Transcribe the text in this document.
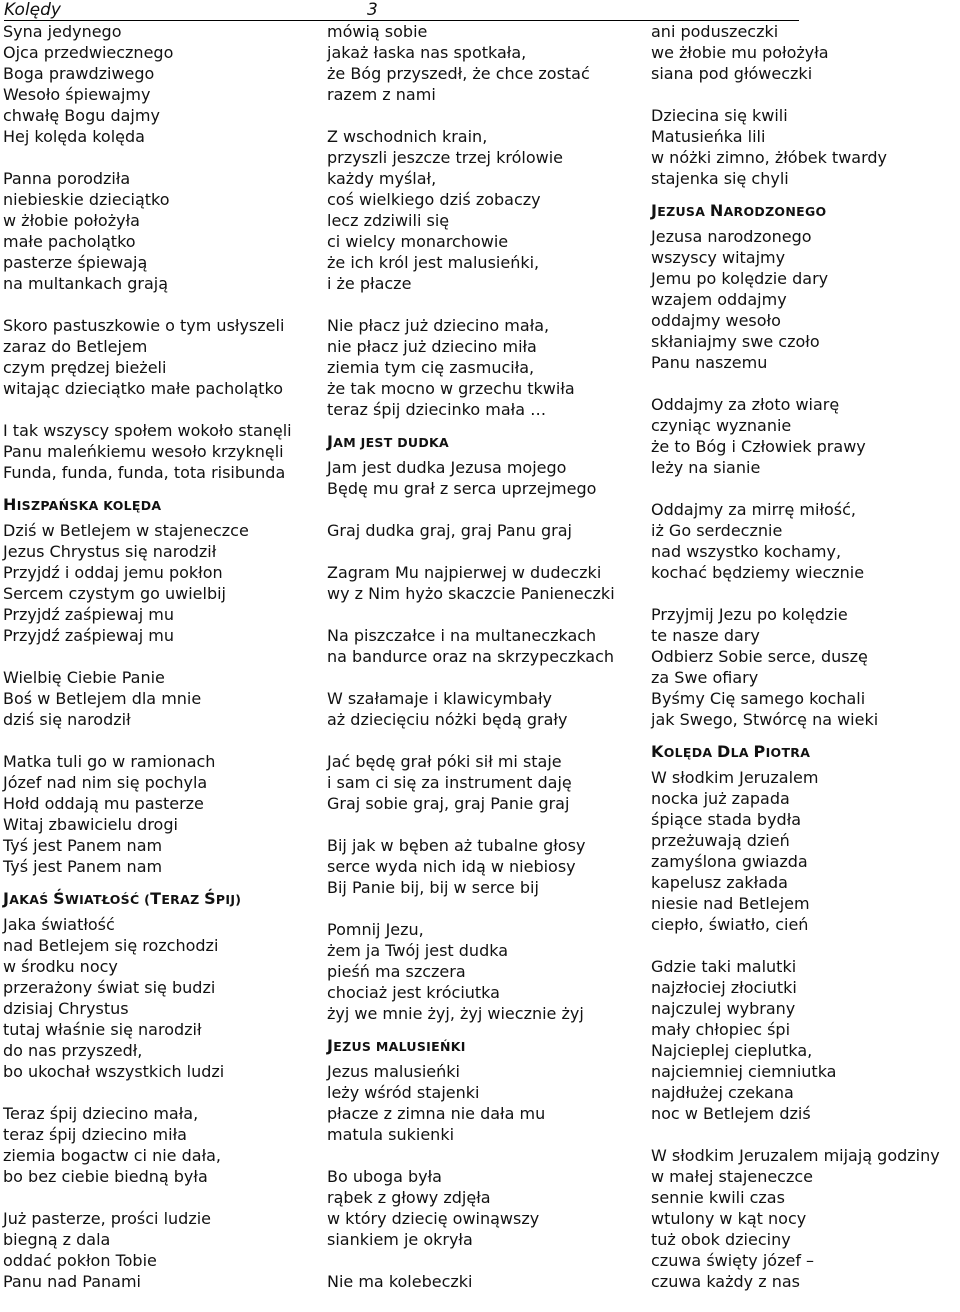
Kolędy	3
Syna jedynego
Ojca przedwiecznego
Boga prawdziwego
Wesoło śpiewajmy
chwałę Bogu dajmy
Hej kolęda kolęda
Panna porodziła
niebieskie dzieciątko
w żłobie położyła
małe pacholątko
pasterze śpiewają
na multankach grają
Skoro pastuszkowie o tym usłyszeli
zaraz do Betlejem
czym prędzej bieżeli
witając dzieciątko małe pacholątko
I tak wszyscy społem wokoło stanęli
Panu maleńkiemu wesoło krzyknęli
Funda, funda, funda, tota risibunda
HISZPAŃSKA KOLĘDA
Dziś w Betlejem w stajeneczce
Jezus Chrystus się narodził
Przyjdź i oddaj jemu pokłon
Sercem czystym go uwielbij
Przyjdź zaśpiewaj mu
Przyjdź zaśpiewaj mu
Wielbię Ciebie Panie
Boś w Betlejem dla mnie
dziś się narodził
Matka tuli go w ramionach
Józef nad nim się pochyla
Hołd oddają mu pasterze
Witaj zbawicielu drogi
Tyś jest Panem nam
Tyś jest Panem nam
JAKAŚ ŚWIATŁOŚĆ (TERAZ ŚPIJ)
Jaka światłość
nad Betlejem się rozchodzi
w środku nocy
przerażony świat się budzi
dzisiaj Chrystus
tutaj właśnie się narodził
do nas przyszedł,
bo ukochał wszystkich ludzi
Teraz śpij dziecino mała,
teraz śpij dziecino miła
ziemia bogactw ci nie dała,
bo bez ciebie biedną była
Już pasterze, prości ludzie
biegną z dala
oddać pokłon Tobie
Panu nad Panami
mówią sobie
jakaż łaska nas spotkała,
że Bóg przyszedł, że chce zostać
razem z nami
Z wschodnich krain,
przyszli jeszcze trzej królowie
każdy myślał,
coś wielkiego dziś zobaczy
lecz zdziwili się
ci wielcy monarchowie
że ich król jest malusieńki,
i że płacze
Nie płacz już dziecino mała,
nie płacz już dziecino miła
ziemia tym cię zasmuciła,
że tak mocno w grzechu tkwiła
teraz śpij dziecinko mała …
JAM JEST DUDKA
Jam jest dudka Jezusa mojego
Będę mu grał z serca uprzejmego
Graj dudka graj, graj Panu graj
Zagram Mu najpierwej w dudeczki
wy z Nim hyżo skaczcie Panieneczki
Na piszczałce i na multaneczkach
na bandurce oraz na skrzypeczkach
W szałamaje i klawicymbały
aż dziecięciu nóżki będą grały
Jać będę grał póki sił mi staje
i sam ci się za instrument daję
Graj sobie graj, graj Panie graj
Bij jak w bęben aż tubalne głosy
serce wyda nich idą w niebiosy
Bij Panie bij, bij w serce bij
Pomnij Jezu,
żem ja Twój jest dudka
pieśń ma szczera
chociaż jest króciutka
żyj we mnie żyj, żyj wiecznie żyj
JEZUS MALUSIEŃKI
Jezus malusieńki
leży wśród stajenki
płacze z zimna nie dała mu
matula sukienki
Bo uboga była
rąbek z głowy zdjęła
w który dziecię owinąwszy
siankiem je okryła
Nie ma kolebeczki
ani poduszeczki
we żłobie mu położyła
siana pod główeczki
Dziecina się kwili
Matusieńka lili
w nóżki zimno, żłóbek twardy
stajenka się chyli
JEZUSA NARODZONEGO
Jezusa narodzonego
wszyscy witajmy
Jemu po kolędzie dary
wzajem oddajmy
oddajmy wesoło
skłaniajmy swe czoło
Panu naszemu
Oddajmy za złoto wiarę
czyniąc wyznanie
że to Bóg i Człowiek prawy
leży na sianie
Oddajmy za mirrę miłość,
iż Go serdecznie
nad wszystko kochamy,
kochać będziemy wiecznie
Przyjmij Jezu po kolędzie
te nasze dary
Odbierz Sobie serce, duszę
za Swe ofiary
Byśmy Cię samego kochali
jak Swego, Stwórcę na wieki
KOLĘDA DLA PIOTRA
W słodkim Jeruzalem
nocka już zapada
śpiące stada bydła
przeżuwają dzień
zamyślona gwiazda
kapelusz zakłada
niesie nad Betlejem
ciepło, światło, cień
Gdzie taki malutki
najzłociej złociutki
najczulej wybrany
mały chłopiec śpi
Najcieplej cieplutka,
najciemniej ciemniutka
najdłużej czekana
noc w Betlejem dziś
W słodkim Jeruzalem mijają godziny
w małej stajeneczce
sennie kwili czas
wtulony w kąt nocy
tuż obok dzieciny
czuwa święty józef –
czuwa każdy z nas
